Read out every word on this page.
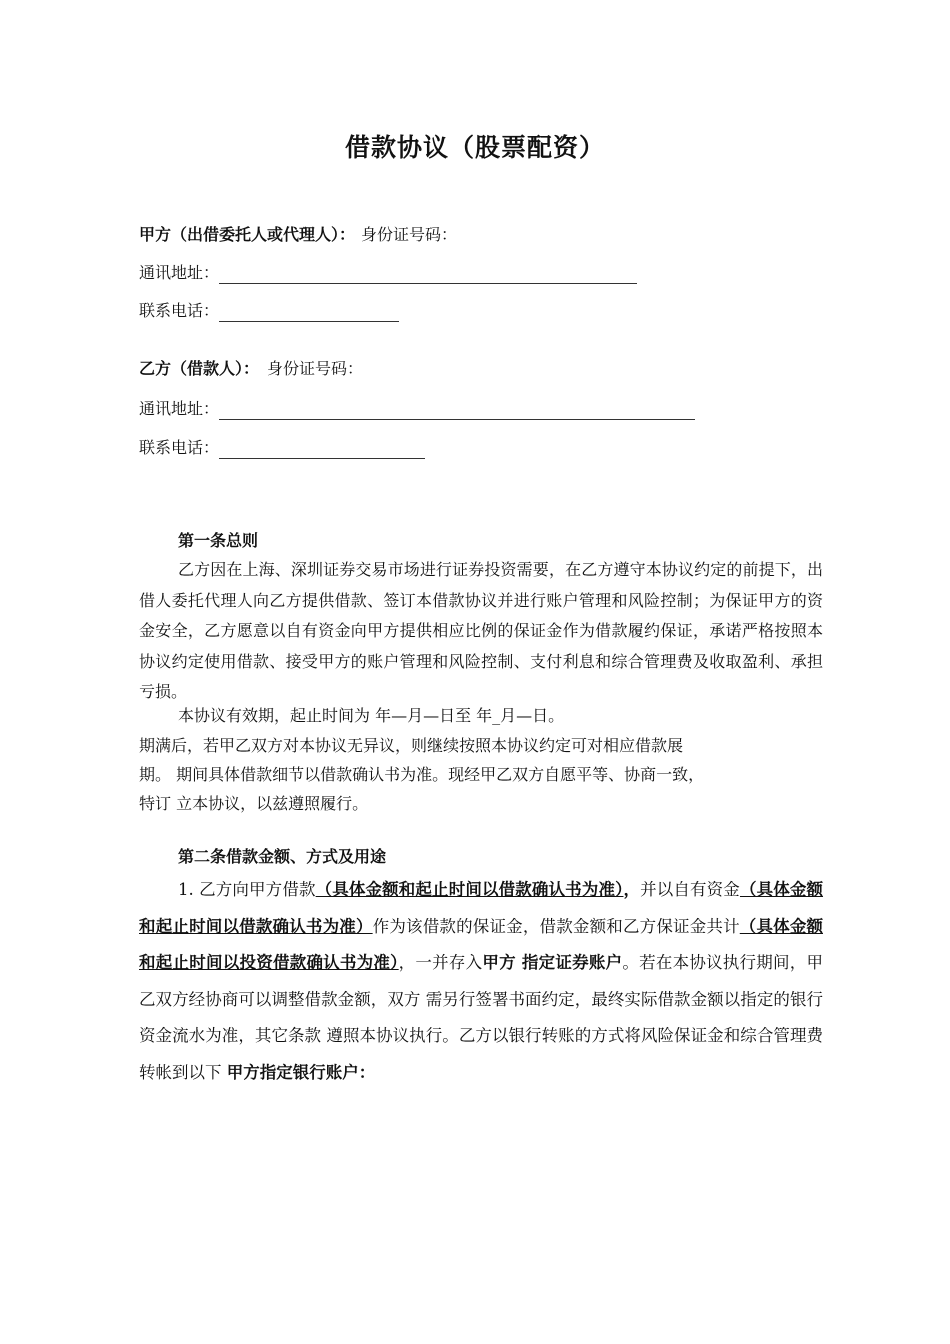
借款协议（股票配资）
甲方（出借委托人或代理人）： 身份证号码：
通讯地址：
联系电话：
乙方（借款人）： 身份证号码：
通讯地址：
联系电话：
第一条总则
乙方因在上海、深圳证券交易市场进行证券投资需要，在乙方遵守本协议约定的前提下，出借人委托代理人向乙方提供借款、签订本借款协议并进行账户管理和风险控制；为保证甲方的资金安全，乙方愿意以自有资金向甲方提供相应比例的保证金作为借款履约保证，承诺严格按照本协议约定使用借款、接受甲方的账户管理和风险控制、支付利息和综合管理费及收取盈利、承担亏损。
本协议有效期，起止时间为 年—月—日至 年_月—日。
期满后，若甲乙双方对本协议无异议，则继续按照本协议约定可对相应借款展
期。 期间具体借款细节以借款确认书为准。现经甲乙双方自愿平等、协商一致，
特订 立本协议，以兹遵照履行。
第二条借款金额、方式及用途
1. 乙方向甲方借款（具体金额和起止时间以借款确认书为准），并以自有资金（具体金额和起止时间以借款确认书为准）作为该借款的保证金，借款金额和乙方保证金共计（具体金额和起止时间以投资借款确认书为准），一并存入甲方 指定证券账户。若在本协议执行期间，甲乙双方经协商可以调整借款金额，双方 需另行签署书面约定，最终实际借款金额以指定的银行资金流水为准，其它条款 遵照本协议执行。乙方以银行转账的方式将风险保证金和综合管理费转帐到以下 甲方指定银行账户：
